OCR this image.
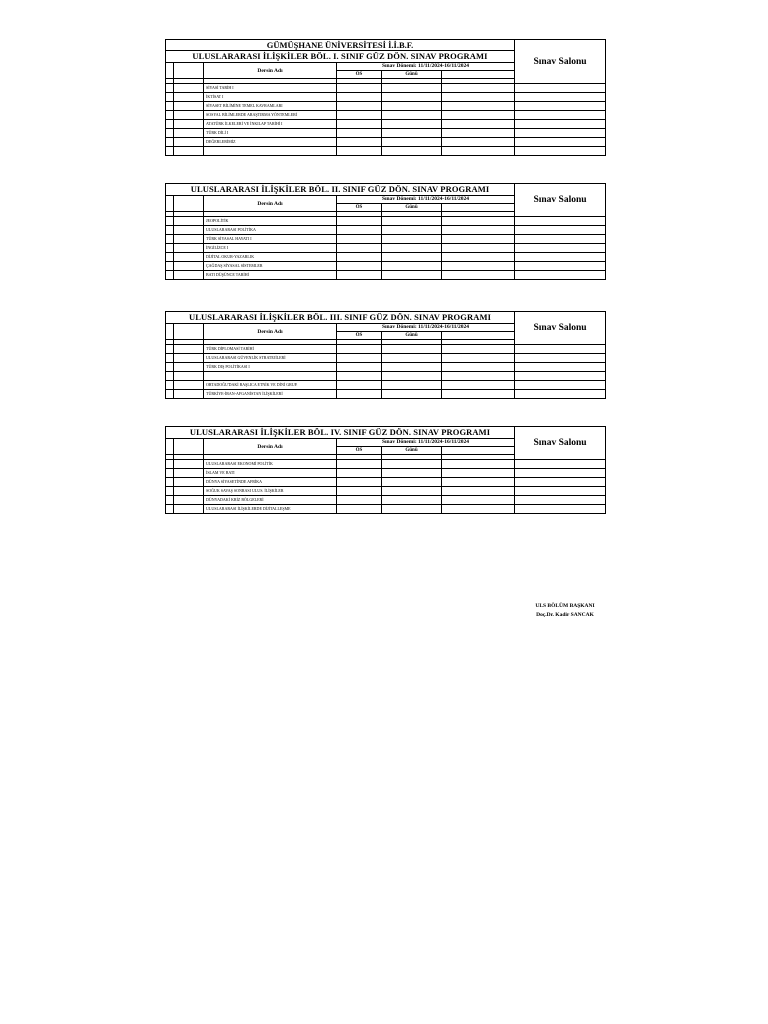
GÜMÜŞHANE ÜNİVERSİTESİ İ.İ.B.F.						Sınav Salonu
ULUSLARARASI İLİŞKİLER BÖL. I. SINIF GÜZ DÖN. SINAV PROGRAMI						
		Dersin Adı	Sınav Dönemi: 11/11/2024-16/11/2024			
			ÖS	Günü		

		SİYASİ TARİH I				
		İKTİSAT I				
		SİYASET BİLİMİNE TEMEL KAVRAMLARI				
		SOSYAL BİLİMLERDE ARAŞTIRMA YÖNTEMLERİ				
		ATATÜRK İLKELERİ VE İNKILAP TARİHİ I				
		TÜRK DİLİ I				
		DEĞERLERİMİZ				

ULUSLARARASI İLİŞKİLER BÖL. II. SINIF GÜZ DÖN. SINAV PROGRAMI						Sınav Salonu
		Dersin Adı	Sınav Dönemi: 11/11/2024-16/11/2024			
			ÖS	Günü		

		JEOPOLİTİK				
		ULUSLARARASI POLİTİKA				
		TÜRK SİYASAL HAYATI I				
		İNGİLİZCE I				
		DİJİTAL OKUR-YAZARLIK				
		ÇAĞDAŞ SİYASAL SİSTEMLER				
		BATI DÜŞÜNCE TARİHİ				
ULUSLARARASI İLİŞKİLER BÖL. III. SINIF GÜZ DÖN. SINAV PROGRAMI						Sınav Salonu
		Dersin Adı	Sınav Dönemi: 11/11/2024-16/11/2024			
			ÖS	Günü		

		TÜRK DİPLOMASİ TARİHİ				
		ULUSLARARASI GÜVENLİK STRATEJİLERİ				
		TÜRK DIŞ POLİTİKASI I				

		ORTADOĞU'DAKİ BAŞLICA ETNİK VE DİNİ GRUP.				
		TÜRKİYE-İRAN-AFGANİSTAN İLİŞKİLERİ				
ULUSLARARASI İLİŞKİLER BÖL. IV. SINIF GÜZ DÖN. SINAV PROGRAMI						Sınav Salonu
		Dersin Adı	Sınav Dönemi: 11/11/2024-16/11/2024			
			ÖS	Günü		

		ULUSLARARASI EKONOMİ POLİTİK				
		İSLAM VE BATI				
		DÜNYA SİYASETİNDE AFRİKA				
		SOĞUK SAVAŞ SONRASI ULUS. İLİŞKİLER				
		DÜNYADAKİ KRİZ BÖLGELERİ				
		ULUSLARARASI İLİŞKİLERDE DİJİTALLEŞME				
ULS BÖLÜM BAŞKANI
Doç.Dr. Kadir SANCAK
